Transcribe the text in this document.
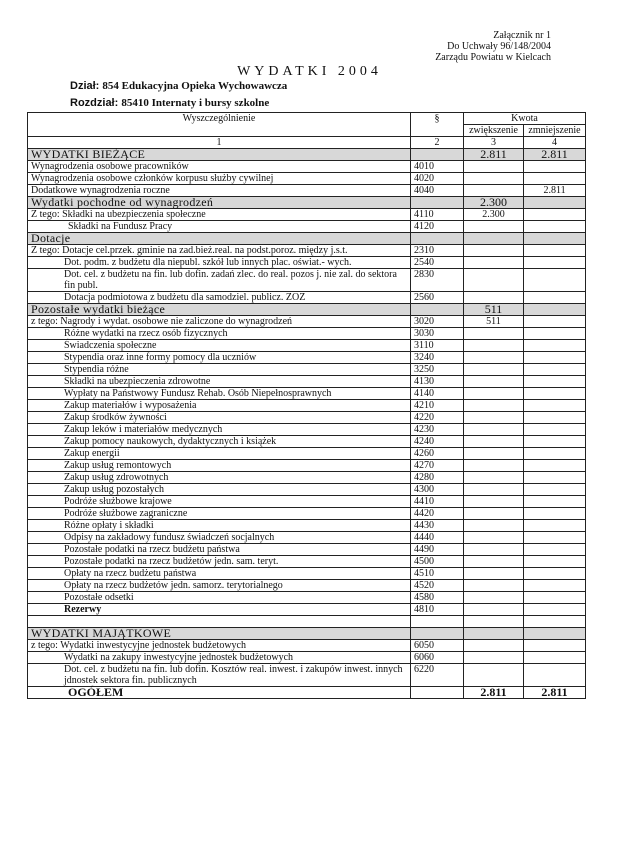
Załącznik nr 1
Do Uchwały 96/148/2004
Zarządu Powiatu w Kielcach
WYDATKI 2004
Dział: 854 Edukacyjna Opieka Wychowawcza
Rozdział: 85410 Internaty i bursy szkolne
Wyszczególnienie	§	Kwota	
		zwiększenie	zmniejszenie
1	2	3	4
WYDATKI BIEŻĄCE		2.811	2.811
Wynagrodzenia osobowe pracowników	4010		
Wynagrodzenia osobowe członków korpusu służby cywilnej	4020		
Dodatkowe wynagrodzenia roczne	4040		2.811
Wydatki pochodne od wynagrodzeń		2.300	
Z tego: Składki na ubezpieczenia społeczne	4110	2.300	
Składki na Fundusz Pracy	4120		
Dotacje			
Z tego: Dotacje cel.przek. gminie na zad.bież.real. na podst.poroz. między j.s.t.	2310		
Dot. podm. z budżetu dla niepubl. szkół lub innych plac. oświat.- wych.	2540		
Dot. cel. z budżetu na fin. lub dofin. zadań zlec. do real. pozos j. nie zal. do sektora fin publ.	2830		
Dotacja podmiotowa z budżetu dla samodziel. publicz. ZOZ	2560		
Pozostałe wydatki bieżące		511	
z tego: Nagrody i wydat. osobowe nie zaliczone do wynagrodzeń	3020	511	
Różne wydatki na rzecz osób fizycznych	3030		
Świadczenia społeczne	3110		
Stypendia oraz inne formy pomocy dla uczniów	3240		
Stypendia różne	3250		
Składki na ubezpieczenia zdrowotne	4130		
Wypłaty na Państwowy Fundusz Rehab. Osób Niepełnosprawnych	4140		
Zakup materiałów i wyposażenia	4210		
Zakup środków żywności	4220		
Zakup leków i materiałów medycznych	4230		
Zakup pomocy naukowych, dydaktycznych i książek	4240		
Zakup energii	4260		
Zakup usług remontowych	4270		
Zakup usług zdrowotnych	4280		
Zakup usług pozostałych	4300		
Podróże służbowe krajowe	4410		
Podróże służbowe zagraniczne	4420		
Różne opłaty i składki	4430		
Odpisy na zakładowy fundusz świadczeń socjalnych	4440		
Pozostałe podatki na rzecz budżetu państwa	4490		
Pozostałe podatki na rzecz budżetów jedn. sam. teryt.	4500		
Opłaty na rzecz budżetu państwa	4510		
Opłaty na rzecz budżetów jedn. samorz. terytorialnego	4520		
Pozostałe odsetki	4580		
Rezerwy	4810		

WYDATKI MAJĄTKOWE			
z tego: Wydatki inwestycyjne jednostek budżetowych	6050		
Wydatki na zakupy inwestycyjne jednostek budżetowych	6060		
Dot. cel. z budżetu na fin. lub dofin. Kosztów real. inwest. i zakupów inwest. innych jdnostek sektora fin. publicznych	6220		
OGÓŁEM		2.811	2.811
